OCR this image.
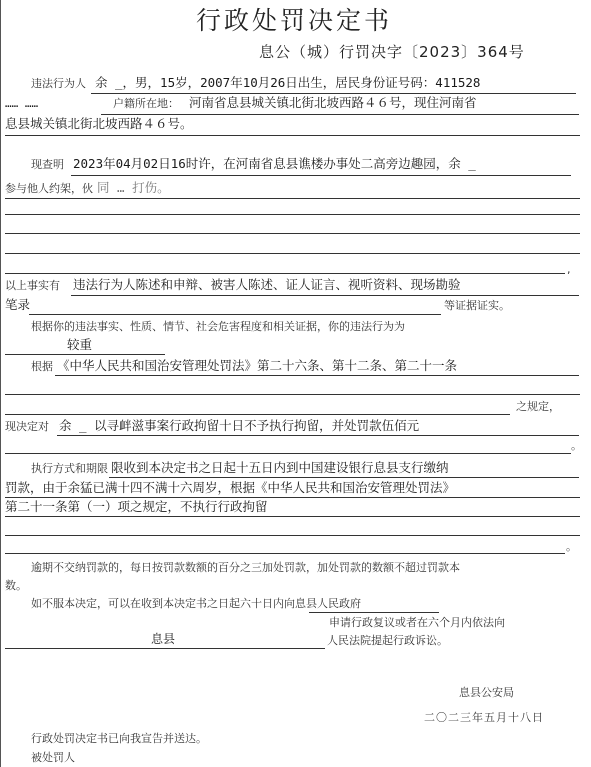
行政处罚决定书
息公（城）行罚决字〔2023〕364号
违法行为人 余 _，男，15岁，2007年10月26日出生，居民身份证号码：411528
…… ……	户籍所在地： 河南省息县城关镇北街北坡西路４６号，现住河南省
息县城关镇北街北坡西路４６号。
现查明 2023年04月02日16时许，在河南省息县谯楼办事处二高旁边趣园，余 _
参与他人约架，伙 同 … 打伤。
,
以上事实有 违法行为人陈述和申辩、被害人陈述、证人证言、视听资料、现场勘验
笔录	等证据证实。
根据你的违法事实、性质、情节、社会危害程度和相关证据，你的违法行为为
较重
根据 《中华人民共和国治安管理处罚法》第二十六条、第十二条、第二十一条
之规定，
现决定对 余 _ 以寻衅滋事案行政拘留十日不予执行拘留，并处罚款伍佰元
。
执行方式和期限 限收到本决定书之日起十五日内到中国建设银行息县支行缴纳
罚款，由于余猛已满十四不满十六周岁，根据《中华人民共和国治安管理处罚法》
第二十一条第（一）项之规定，不执行行政拘留
。
逾期不交纳罚款的，每日按罚款数额的百分之三加处罚款，加处罚款的数额不超过罚款本
数。
如不服本决定，可以在收到本决定书之日起六十日内向息县人民政府
申请行政复议或者在六个月内依法向
息县	人民法院提起行政诉讼。
息县公安局
二〇二三年五月十八日
行政处罚决定书已向我宣告并送达。
被处罚人
